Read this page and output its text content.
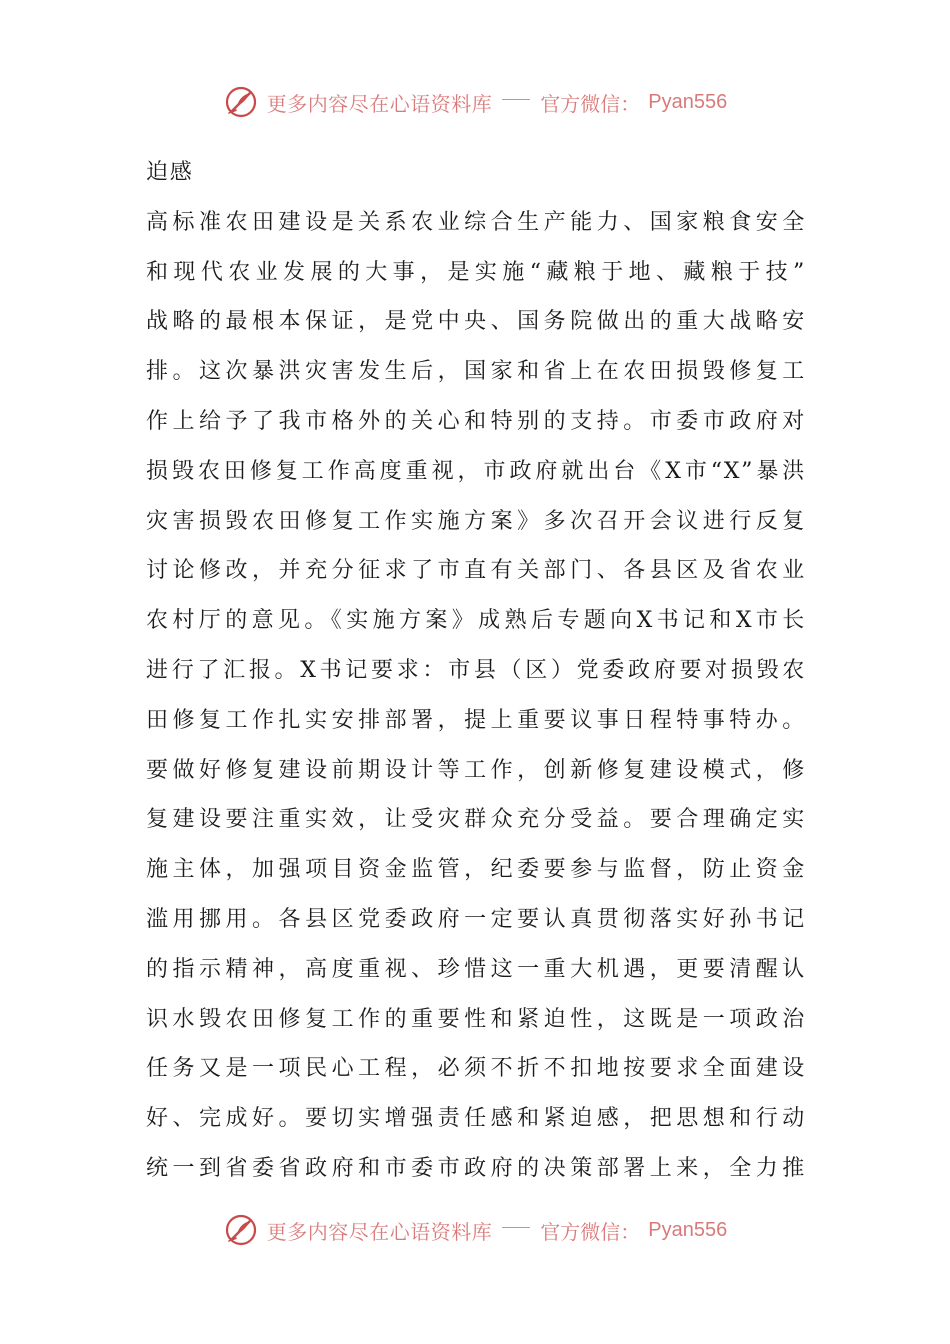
更多内容尽在心语资料库 官方微信： Pyan556
迫感
高标准农田建设是关系农业综合生产能力、国家粮食安全
和现代农业发展的大事，是实施“藏粮于地、藏粮于技”
战略的最根本保证，是党中央、国务院做出的重大战略安
排。这次暴洪灾害发生后，国家和省上在农田损毁修复工
作上给予了我市格外的关心和特别的支持。市委市政府对
损毁农田修复工作高度重视，市政府就出台《X市“X”暴洪
灾害损毁农田修复工作实施方案》多次召开会议进行反复
讨论修改，并充分征求了市直有关部门、各县区及省农业
农村厅的意见。《实施方案》成熟后专题向X书记和X市长
进行了汇报。X书记要求：市县（区）党委政府要对损毁农
田修复工作扎实安排部署，提上重要议事日程特事特办。
要做好修复建设前期设计等工作，创新修复建设模式，修
复建设要注重实效，让受灾群众充分受益。要合理确定实
施主体，加强项目资金监管，纪委要参与监督，防止资金
滥用挪用。各县区党委政府一定要认真贯彻落实好孙书记
的指示精神，高度重视、珍惜这一重大机遇，更要清醒认
识水毁农田修复工作的重要性和紧迫性，这既是一项政治
任务又是一项民心工程，必须不折不扣地按要求全面建设
好、完成好。要切实增强责任感和紧迫感，把思想和行动
统一到省委省政府和市委市政府的决策部署上来，全力推
更多内容尽在心语资料库 官方微信： Pyan556
